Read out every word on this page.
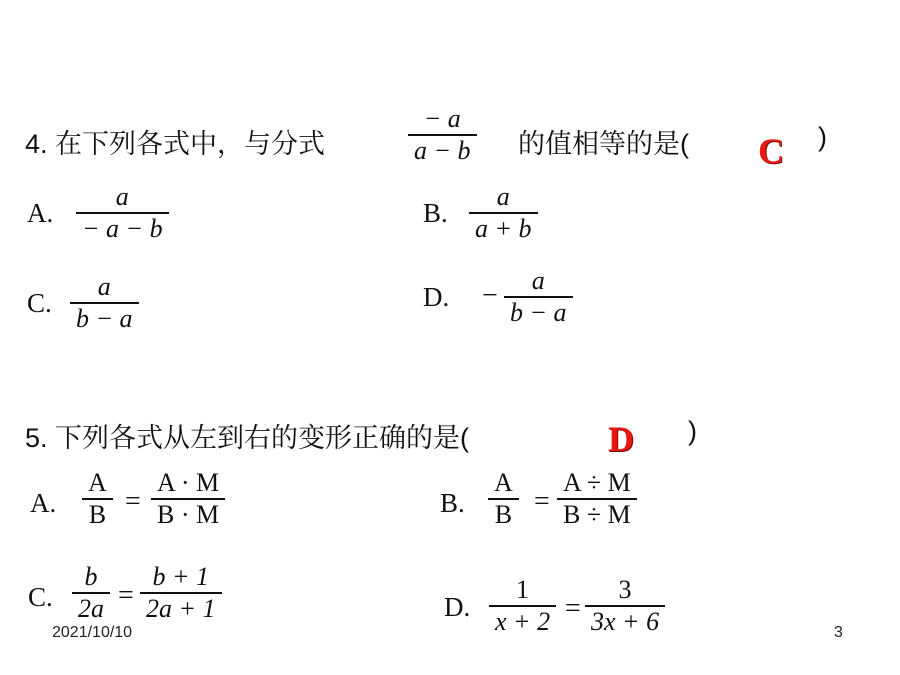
4. 在下列各式中，与分式
− a
a − b 的值相等的是( C )
A.
a
− a − b
B.
a
a + b
C.
a
b − a
D. − a
b − a
5. 下列各式从左到右的变形正确的是(	D )
A.
A
B =
A · M
B · M	B.
A
B =
A ÷ M
B ÷ M
C.
b
2a =
b + 1
2a + 1	D.
1
x + 2 =
3
3x + 6
2021/10/10	3
